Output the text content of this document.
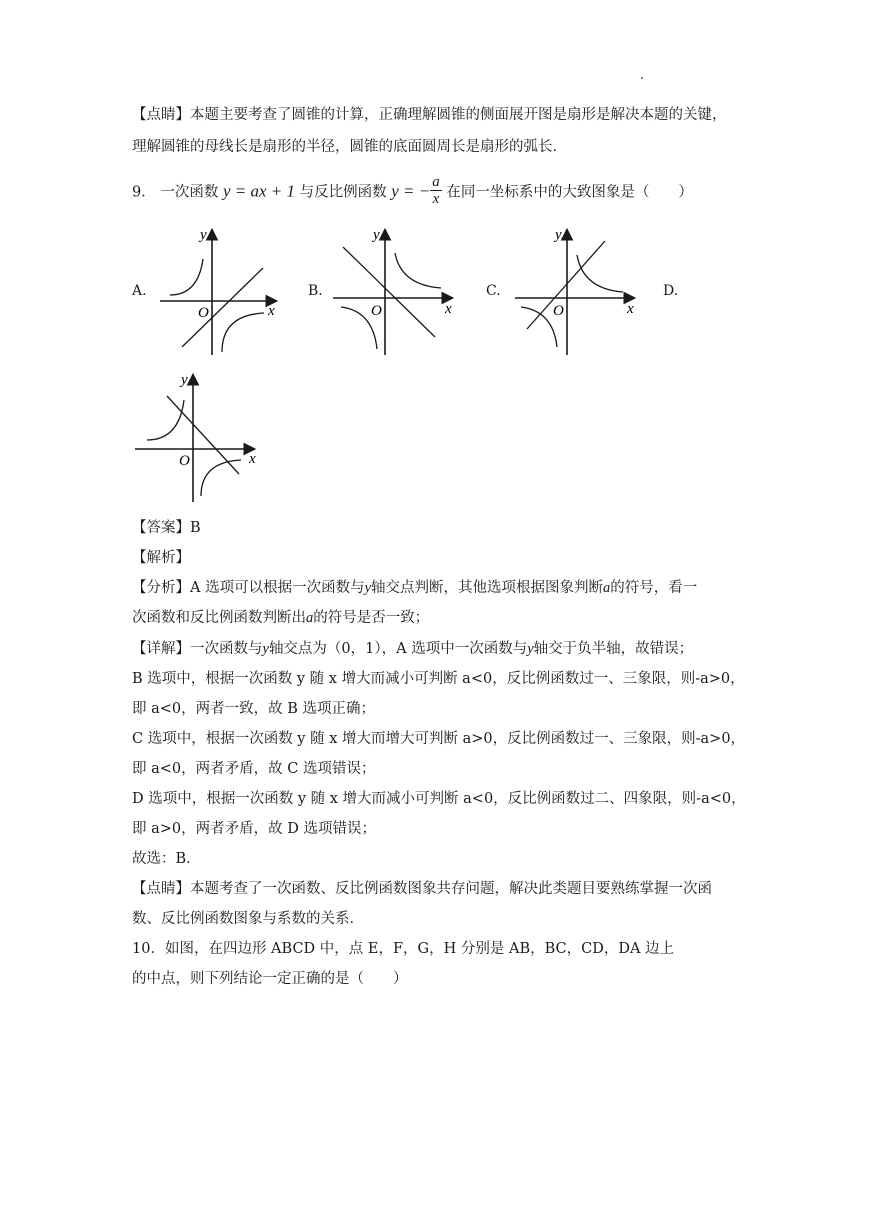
【点睛】本题主要考查了圆锥的计算，正确理解圆锥的侧面展开图是扇形是解决本题的关键，
理解圆锥的母线长是扇形的半径，圆锥的底面圆周长是扇形的弧长．
9． 一次函数 y = ax + 1 与反比例函数 y = − $\frac{a}{x}$ 在同一坐标系中的大致图象是（　　）
A.	B.	C.	D.
O	x
y
O	x
y
O	x
y
O	x
y
【答案】B
【解析】
【分析】A 选项可以根据一次函数与y轴交点判断，其他选项根据图象判断a的符号，看一
次函数和反比例函数判断出a的符号是否一致；
【详解】一次函数与y轴交点为（0，1），A 选项中一次函数与y轴交于负半轴，故错误；
B 选项中，根据一次函数 y 随 x 增大而减小可判断 a<0，反比例函数过一、三象限，则-a>0，
即 a<0，两者一致，故 B 选项正确；
C 选项中，根据一次函数 y 随 x 增大而增大可判断 a>0，反比例函数过一、三象限，则-a>0，
即 a<0，两者矛盾，故 C 选项错误；
D 选项中，根据一次函数 y 随 x 增大而减小可判断 a<0，反比例函数过二、四象限，则-a<0，
即 a>0，两者矛盾，故 D 选项错误；
故选：B．
【点睛】本题考查了一次函数、反比例函数图象共存问题，解决此类题目要熟练掌握一次函
数、反比例函数图象与系数的关系．
10．如图，在四边形 ABCD 中，点 E，F，G，H 分别是 AB，BC，CD，DA 边上
的中点，则下列结论一定正确的是（　　）
